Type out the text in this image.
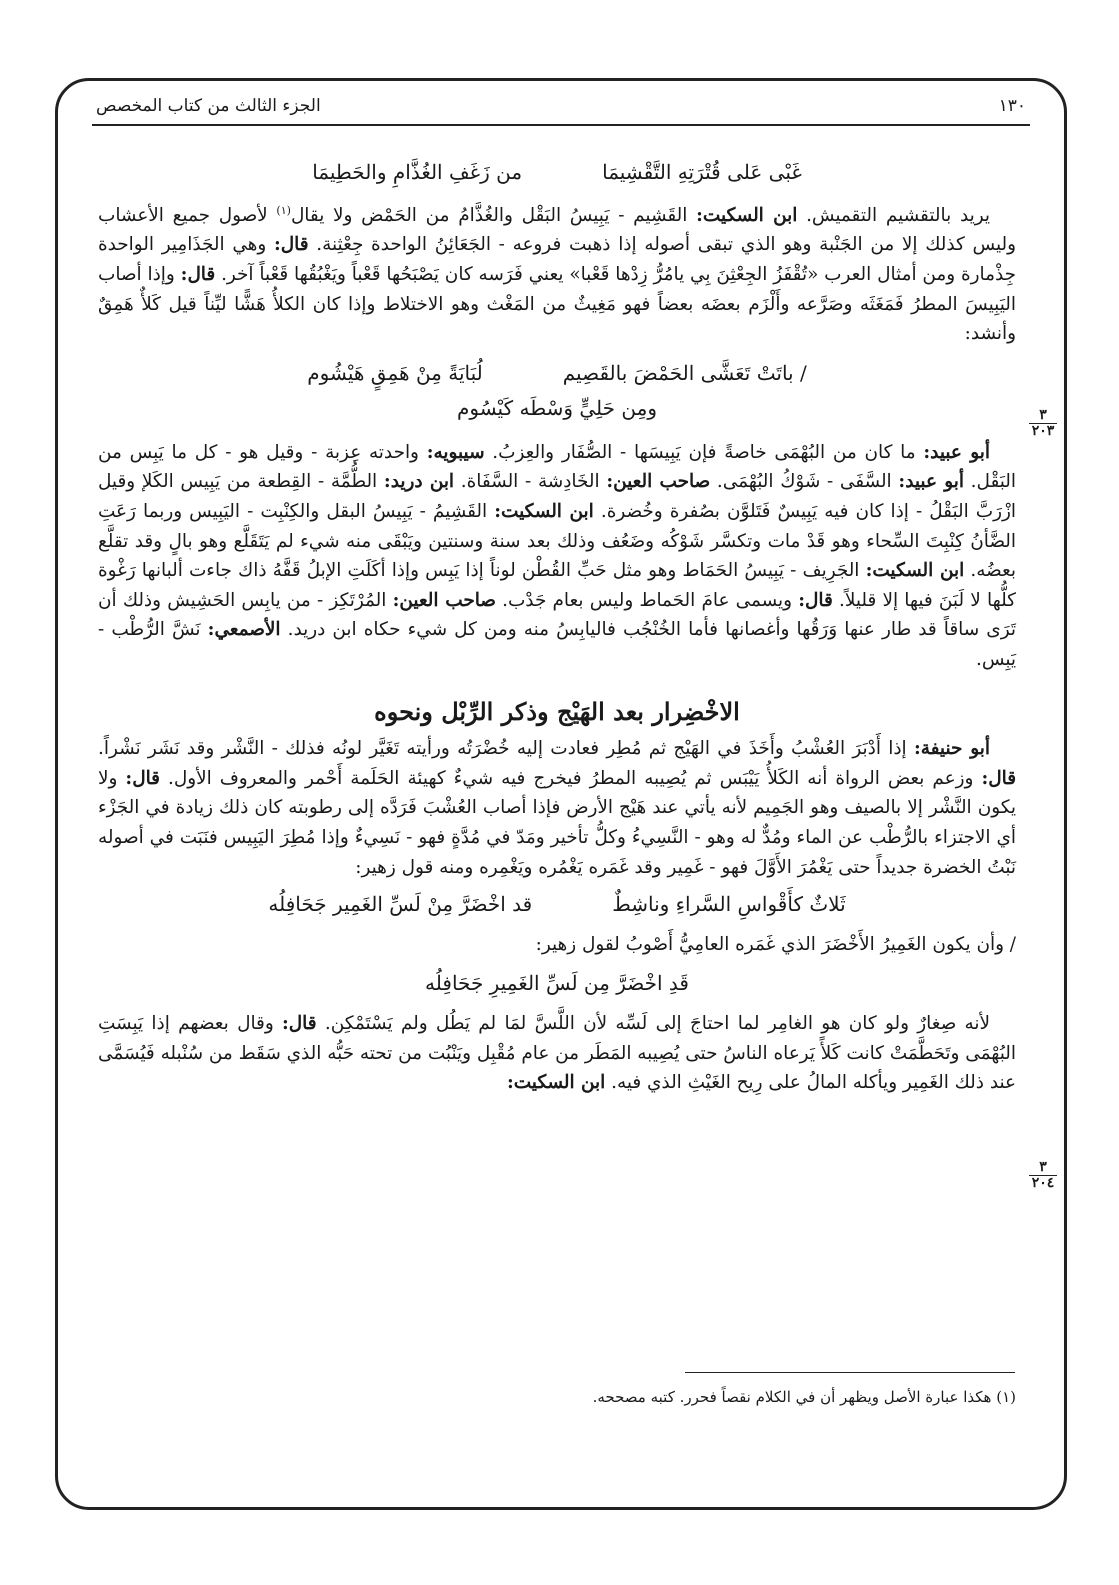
١٣٠
الجزء الثالث من كتاب المخصص
٣
٢٠٣
٣
٢٠٤
غَبْى عَلى قُتْرَتِهِ التَّقْشِيمَا
من زَغَفِ الغُذَّامِ والحَطِيمَا

يريد بالتقشيم التقميش. ابن السكيت: القَشِيم - يَبِيسُ البَقْل والغُذَّامُ من الحَمْض ولا يقال$^{(١)}$ لأصول جميع الأعشاب وليس كذلك إلا من الجَنْبة وهو الذي تبقى أصوله إذا ذهبت فروعه - الجَعَائِنُ الواحدة جِعْثِنة. قال: وهي الجَذَامِير الواحدة جِذْمارة ومن أمثال العرب «تُقْفَزُ الجِعْثِنَ بِي يامُرُّ زِدْها قَعْبا» يعني فَرَسه كان يَصْبَحُها قَعْباً ويَغْبُقُها قَعْباً آخر. قال: وإذا أصاب اليَبِيسَ المطرُ فَمَغَثَه وصَرَّعه وأَلْزَم بعضَه بعضاً فهو مَغِيثٌ من المَغْث وهو الاختلاط وإذا كان الكلأُ هَشًّا ليِّناً قيل كَلأٌ هَمِقٌ وأنشد:

/ باتَتْ تَعَشَّى الحَمْضَ بالقَصِيم
لُبَايَةً مِنْ هَمِقٍ هَيْشُوم
ومِن حَلِيٍّ وَسْطَه كَيْسُوم

أبو عبيد: ما كان من البُهْمَى خاصةً فإن يَبِيسَها - الصُّفَار والعِزبُ. سيبويه: واحدته عِزبة - وقيل هو - كل ما يَبِس من البَقْل. أبو عبيد: السَّفَى - شَوْكُ البُهْمَى. صاحب العين: الخَادِشة - السَّفَاة. ابن دريد: الطُّمَّة - القِطعة من يَبِيس الكَلإ وقيل ازْرَبَّ البَقْلُ - إذا كان فيه يَبِيسٌ فَتَلوَّن بصُفرة وخُضرة. ابن السكيت: القَشِيمُ - يَبِيسُ البقل والكِنْبِت - اليَبِيس وربما رَعَتِ الضَّأنُ كِنْبِتَ السِّحاء وهو قَدْ مات وتكسَّر شَوْكُه وضَعُف وذلك بعد سنة وسنتين ويَبْقَى منه شيء لم يَتَقَلَّع وهو بالٍ وقد تقلَّع بعضُه. ابن السكيت: الجَرِيف - يَبِيسُ الحَمَاط وهو مثل حَبِّ القُطْن لوناً إذا يَبِس وإذا أكَلَتِ الإبلُ قَفَّهُ ذاك جاءت ألبانها رَغْوة كلُّها لا لَبَنَ فيها إلا قليلاً. قال: ويسمى عامَ الحَماط وليس بعام جَدْب. صاحب العين: المُرْتَكِز - من يابِس الحَشِيش وذلك أن تَرَى ساقاً قد طار عنها وَرَقُها وأغصانها فأما الخُنْجُب فاليابِسُ منه ومن كل شيء حكاه ابن دريد. الأصمعي: نَشَّ الرُّطْب - يَبِس.

الاخْضِرار بعد الهَيْج وذكر الرِّبْل ونحوه

أبو حنيفة: إذا أَدْبَرَ العُشْبُ وأَخَذَ في الهَيْج ثم مُطِر فعادت إليه خُضْرَتُه ورأيته تَغَيَّر لونُه فذلك - النَّشْر وقد نَشَر نَشْراً. قال: وزعم بعض الرواة أنه الكَلأُ يَيْبَس ثم يُصِيبه المطرُ فيخرج فيه شيءٌ كهيئة الحَلَمة أَحْمر والمعروف الأول. قال: ولا يكون النَّشْر إلا بالصيف وهو الجَمِيم لأنه يأتي عند هَيْج الأرض فإذا أصاب العُشْبَ فَرَدَّه إلى رطوبته كان ذلك زيادة في الجَزْء أي الاجتزاء بالرُّطْب عن الماء ومُدٌّ له وهو - النَّسِيءُ وكلُّ تأخير ومَدّ في مُدَّةٍ فهو - نَسِيءٌ وإذا مُطِرَ اليَبِيس فنَبَت في أصوله نَبْتُ الخضرة جديداً حتى يَغْمُرَ الأَوَّلَ فهو - غَمِير وقد غَمَره يَغْمُره ويَغْمِره ومنه قول زهير:

ثَلاثٌ كأَقْواسِ السَّراءِ وناشِطٌ
قد اخْضَرَّ مِنْ لَسِّ الغَمِير جَحَافِلُه

/ وأن يكون الغَمِيرُ الأَخْضَرَ الذي غَمَره العامِيُّ أَصْوبُ لقول زهير:

قَدِ اخْضَرَّ مِن لَسِّ الغَمِيرِ جَحَافِلُه

لأنه صِغارٌ ولو كان هو الغامِر لما احتاجَ إلى لَسِّه لأن اللَّسَّ لمَا لم يَطُل ولم يَسْتَمْكِن. قال: وقال بعضهم إذا يَبِسَتِ البُهْمَى وتَحَطَّمَتْ كانت كَلأً يَرعاه الناسُ حتى يُصِيبه المَطَر من عام مُقْبِل ويَنْبُت من تحته حَبُّه الذي سَقَط من سُنْبله فَيُسَمَّى عند ذلك الغَمِير ويأكله المالُ على رِيح الغَيْثِ الذي فيه. ابن السكيت:

(١) هكذا عبارة الأصل ويظهر أن في الكلام نقصاً فحرر. كتبه مصححه.
